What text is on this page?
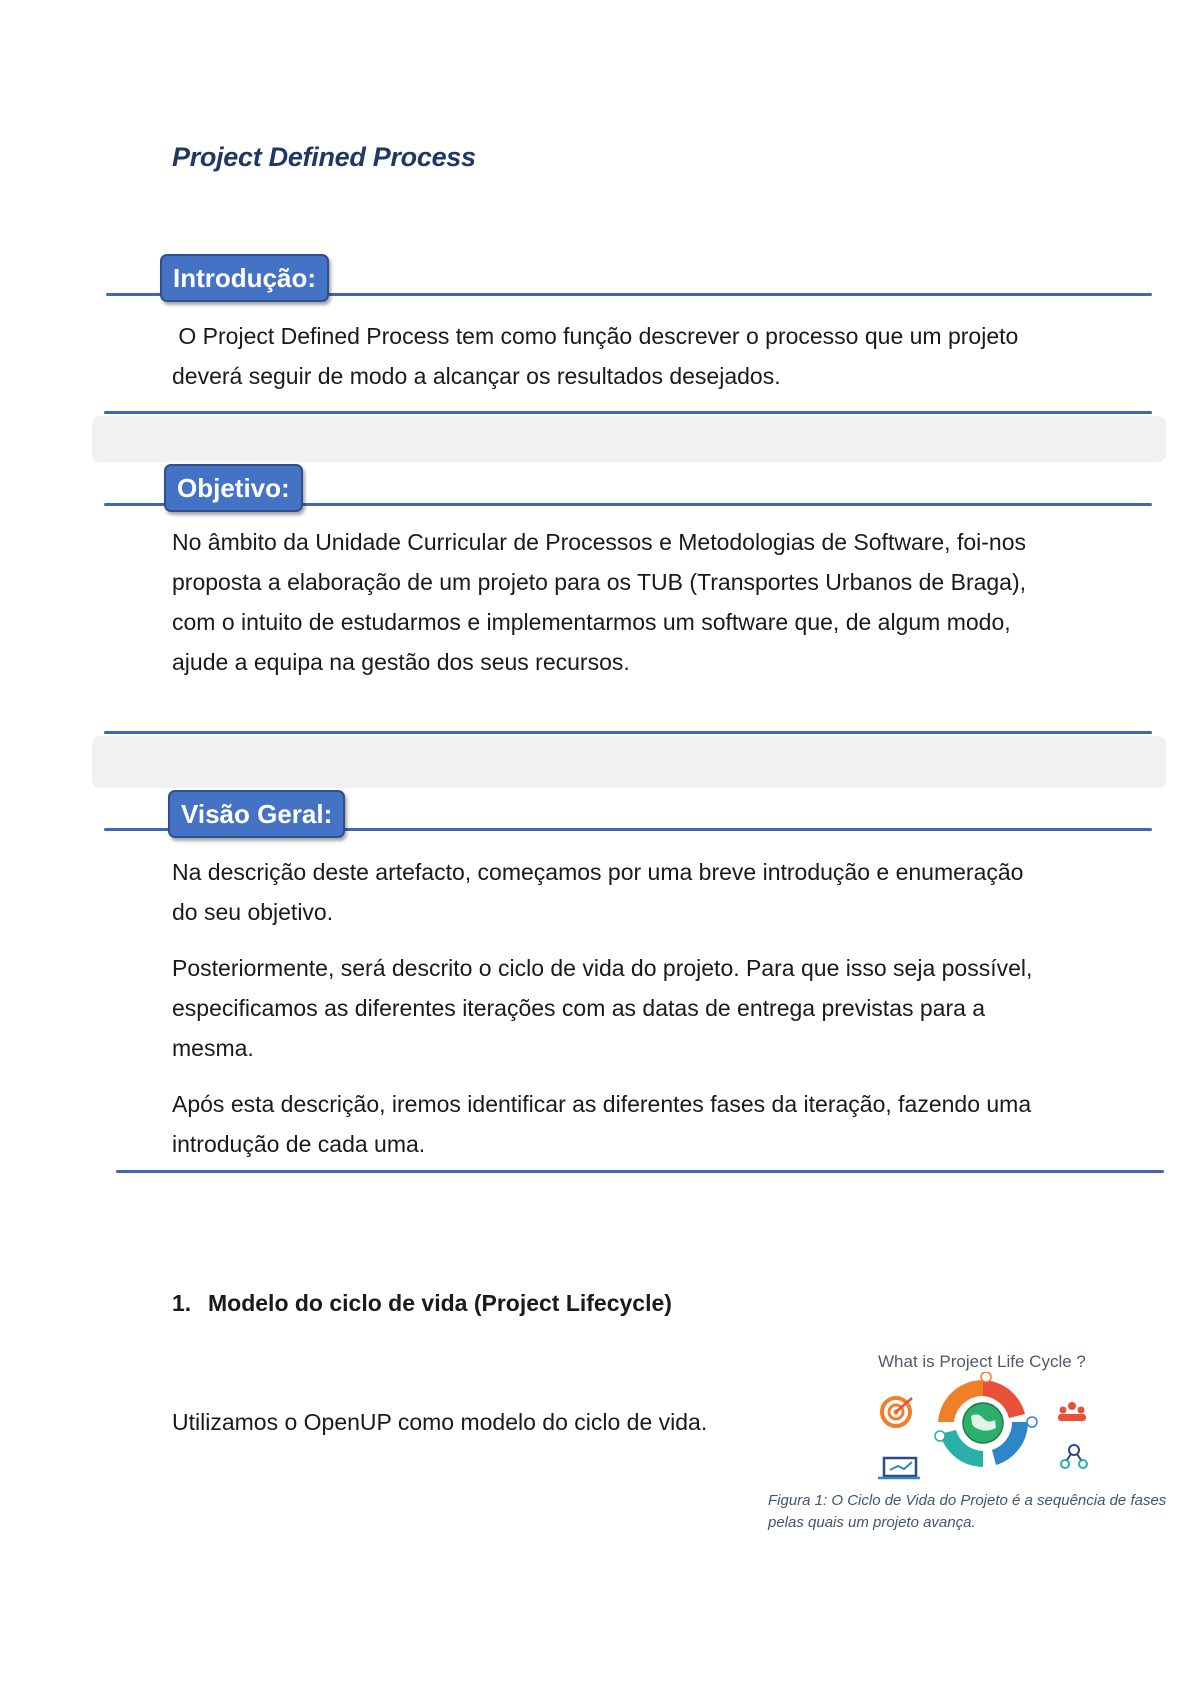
Project Defined Process
Introdução:

O Project Defined Process tem como função descrever o processo que um projeto deverá seguir de modo a alcançar os resultados desejados.

Objetivo:

No âmbito da Unidade Curricular de Processos e Metodologias de Software, foi-nos proposta a elaboração de um projeto para os TUB (Transportes Urbanos de Braga), com o intuito de estudarmos e implementarmos um software que, de algum modo, ajude a equipa na gestão dos seus recursos.

Visão Geral:

Na descrição deste artefacto, começamos por uma breve introdução e enumeração do seu objetivo.

Posteriormente, será descrito o ciclo de vida do projeto. Para que isso seja possível, especificamos as diferentes iterações com as datas de entrega previstas para a mesma.

Após esta descrição, iremos identificar as diferentes fases da iteração, fazendo uma introdução de cada uma.

1. Modelo do ciclo de vida (Project Lifecycle)

Utilizamos o OpenUP como modelo do ciclo de vida.

What is Project Life Cycle ?
Figura 1: O Ciclo de Vida do Projeto é a sequência de fases pelas quais um projeto avança.
